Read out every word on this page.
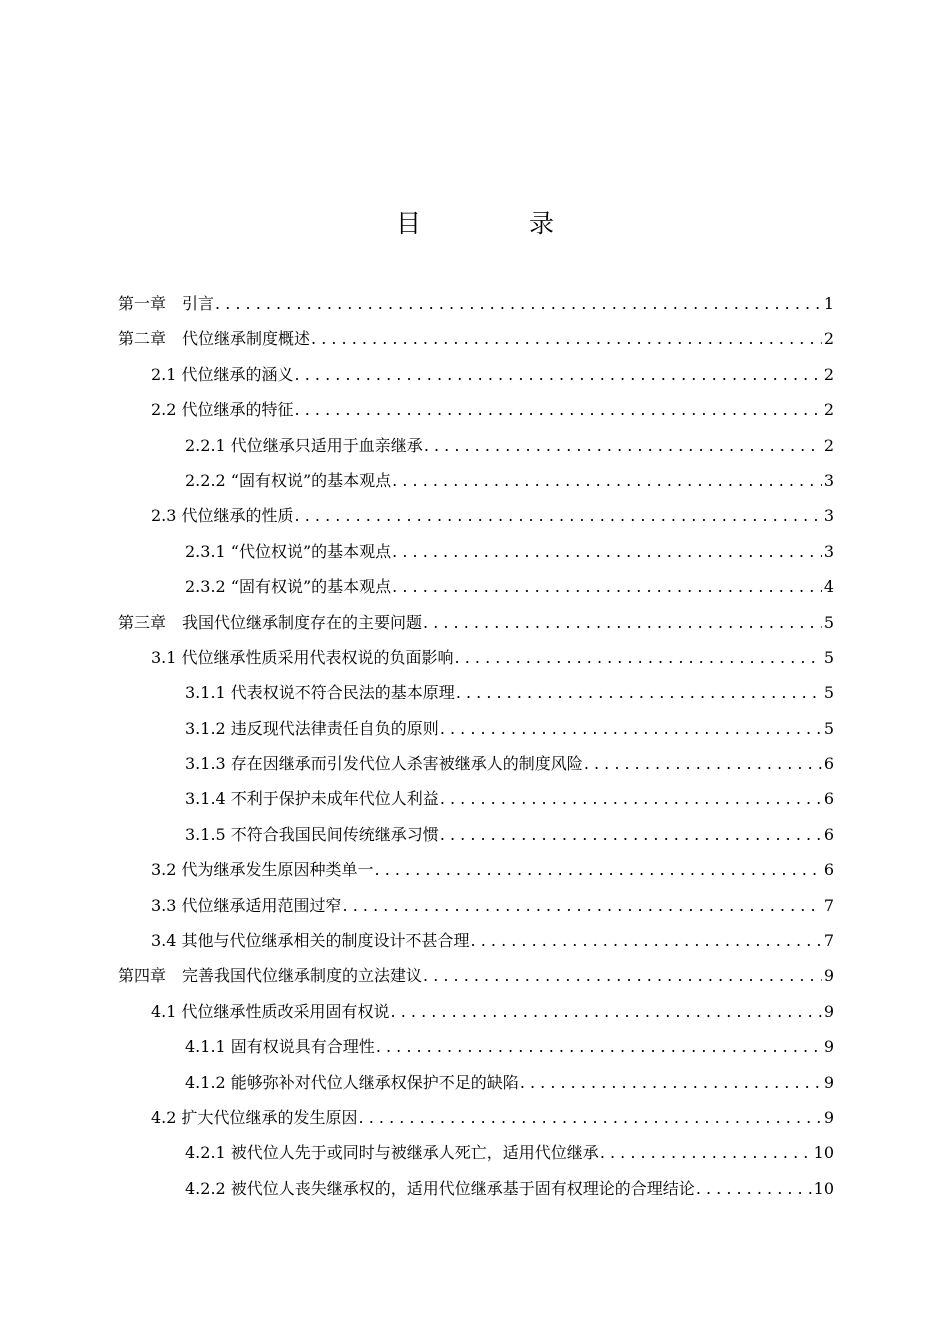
目 录
第一章　引言 . . .	1
第二章　代位继承制度概述 . . .	2
2.1 代位继承的涵义 . . .	2
2.2 代位继承的特征 . . .	2
2.2.1 代位继承只适用于血亲继承 . . .	2
2.2.2 “固有权说”的基本观点 . . .	3
2.3 代位继承的性质 . . .	3
2.3.1 “代位权说”的基本观点 . . .	3
2.3.2 “固有权说”的基本观点 . . .	4
第三章　我国代位继承制度存在的主要问题 . . .	5
3.1 代位继承性质采用代表权说的负面影响 . . .	5
3.1.1 代表权说不符合民法的基本原理 . . .	5
3.1.2 违反现代法律责任自负的原则 . . .	5
3.1.3 存在因继承而引发代位人杀害被继承人的制度风险 . . .	6
3.1.4 不利于保护未成年代位人利益 . . .	6
3.1.5 不符合我国民间传统继承习惯 . . .	6
3.2 代为继承发生原因种类单一 . . .	6
3.3 代位继承适用范围过窄 . . .	7
3.4 其他与代位继承相关的制度设计不甚合理 . . .	7
第四章　完善我国代位继承制度的立法建议 . . .	9
4.1 代位继承性质改采用固有权说 . . .	9
4.1.1 固有权说具有合理性 . . .	9
4.1.2 能够弥补对代位人继承权保护不足的缺陷 . . .	9
4.2 扩大代位继承的发生原因 . . .	9
4.2.1 被代位人先于或同时与被继承人死亡，适用代位继承 . . .	10
4.2.2 被代位人丧失继承权的，适用代位继承基于固有权理论的合理结论 . . .	10
